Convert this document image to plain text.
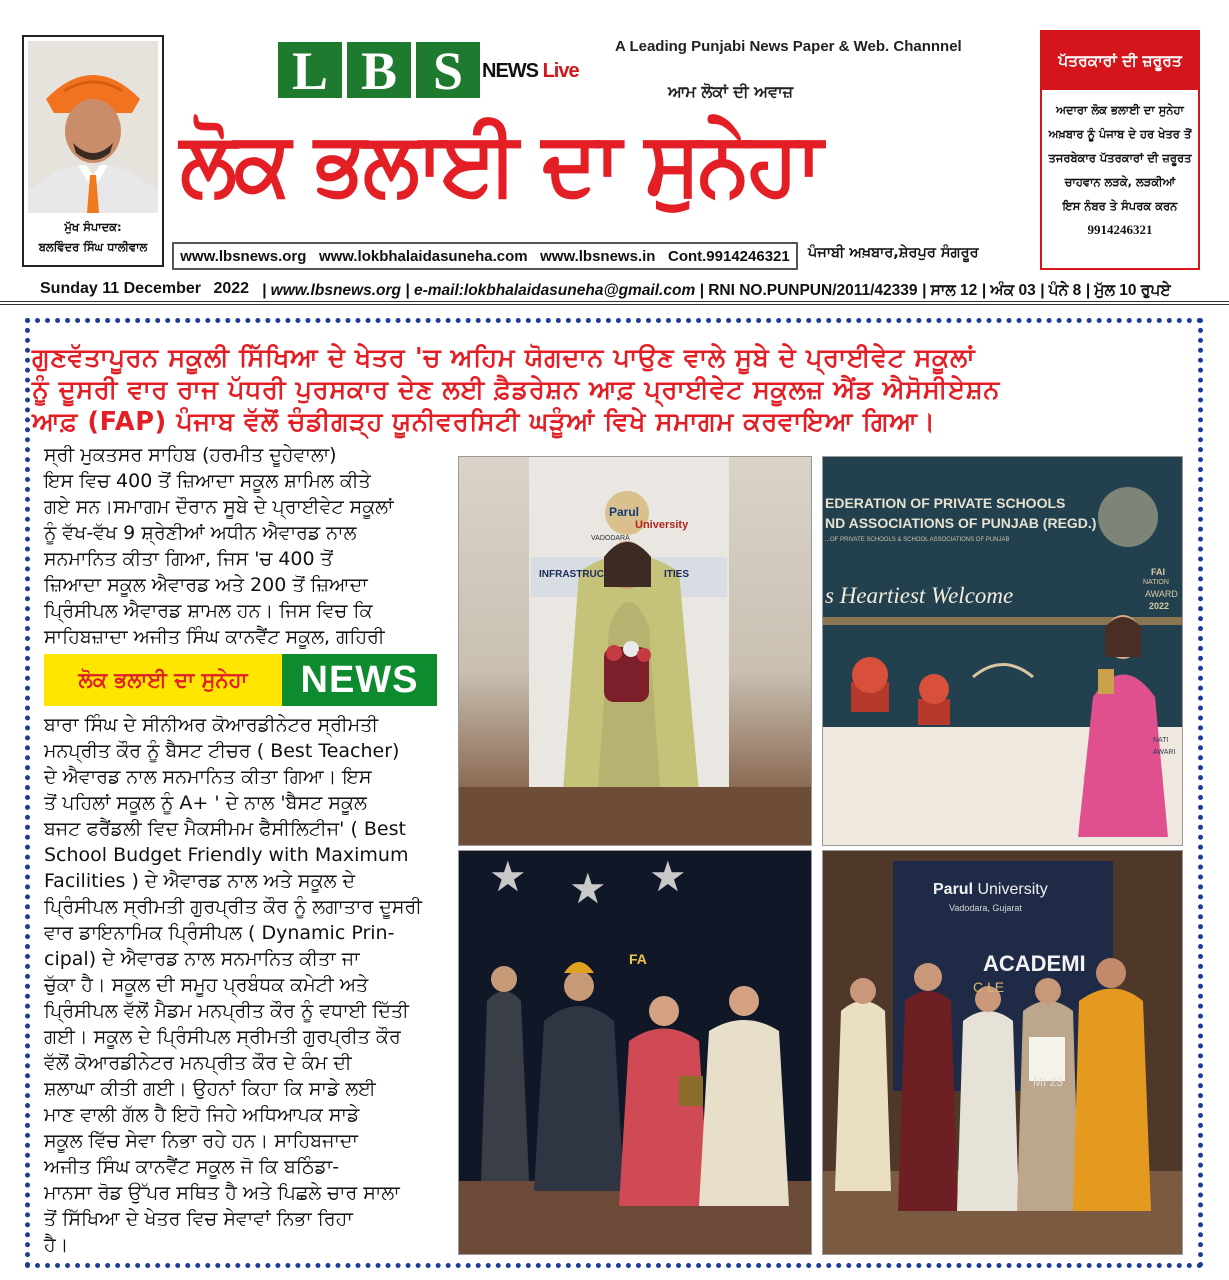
ਮੁੱਖ ਸੰਪਾਦਕ:
ਬਲਵਿੰਦਰ ਸਿੰਘ ਧਾਲੀਵਾਲ
L B S NEWS Live
A Leading Punjabi News Paper & Web. Channnel
ਆਮ ਲੋਕਾਂ ਦੀ ਅਵਾਜ਼
ਲੋਕ ਭਲਾਈ ਦਾ ਸੁਨੇਹਾ
www.lbsnews.org www.lokbhalaidasuneha.com www.lbsnews.in Cont.9914246321 ਪੰਜਾਬੀ ਅਖ਼ਬਾਰ,ਸ਼ੇਰਪੁਰ ਸੰਗਰੂਰ
ਪੱਤਰਕਾਰਾਂ ਦੀ ਜ਼ਰੂਰਤ
ਅਦਾਰਾ ਲੋਕ ਭਲਾਈ ਦਾ ਸੁਨੇਹਾ
ਅਖ਼ਬਾਰ ਨੂੰ ਪੰਜਾਬ ਦੇ ਹਰ ਖੇਤਰ ਤੋਂ
ਤਜਰਬੇਕਾਰ ਪੱਤਰਕਾਰਾਂ ਦੀ ਜ਼ਰੂਰਤ
ਚਾਹਵਾਨ ਲੜਕੇ, ਲੜਕੀਆਂ
ਇਸ ਨੰਬਰ ਤੇ ਸੰਪਰਕ ਕਰਨ
9914246321
Sunday 11 December 2022 | www.lbsnews.org | e-mail:lokbhalaidasuneha@gmail.com | RNI NO.PUNPUN/2011/42339 | ਸਾਲ 12 | ਅੰਕ 03 | ਪੰਨੇ 8 | ਮੁੱਲ 10 ਰੁਪਏ
ਗੁਣਵੱਤਾਪੂਰਨ ਸਕੂਲੀ ਸਿੱਖਿਆ ਦੇ ਖੇਤਰ 'ਚ ਅਹਿਮ ਯੋਗਦਾਨ ਪਾਉਣ ਵਾਲੇ ਸੂਬੇ ਦੇ ਪ੍ਰਾਈਵੇਟ ਸਕੂਲਾਂ
ਨੂੰ ਦੂਸਰੀ ਵਾਰ ਰਾਜ ਪੱਧਰੀ ਪੁਰਸਕਾਰ ਦੇਣ ਲਈ ਫ਼ੈਡਰੇਸ਼ਨ ਆਫ਼ ਪ੍ਰਾਈਵੇਟ ਸਕੂਲਜ਼ ਐਂਡ ਐਸੋਸੀਏਸ਼ਨ
ਆਫ਼ (FAP) ਪੰਜਾਬ ਵੱਲੋਂ ਚੰਡੀਗੜ੍ਹ ਯੂਨੀਵਰਸਿਟੀ ਘੜੂੰਆਂ ਵਿਖੇ ਸਮਾਗਮ ਕਰਵਾਇਆ ਗਿਆ।

ਸ੍ਰੀ ਮੁਕਤਸਰ ਸਾਹਿਬ (ਹਰਮੀਤ ਦੂਹੇਵਾਲਾ)

ਇਸ ਵਿਚ 400 ਤੋਂ ਜ਼ਿਆਦਾ ਸਕੂਲ ਸ਼ਾਮਿਲ ਕੀਤੇ

ਗਏ ਸਨ।ਸਮਾਗਮ ਦੌਰਾਨ ਸੂਬੇ ਦੇ ਪ੍ਰਾਈਵੇਟ ਸਕੂਲਾਂ

ਨੂੰ ਵੱਖ-ਵੱਖ 9 ਸ਼੍ਰੇਣੀਆਂ ਅਧੀਨ ਐਵਾਰਡ ਨਾਲ

ਸਨਮਾਨਿਤ ਕੀਤਾ ਗਿਆ, ਜਿਸ 'ਚ 400 ਤੋਂ

ਜ਼ਿਆਦਾ ਸਕੂਲ ਐਵਾਰਡ ਅਤੇ 200 ਤੋਂ ਜ਼ਿਆਦਾ

ਪ੍ਰਿੰਸੀਪਲ ਐਵਾਰਡ ਸ਼ਾਮਲ ਹਨ। ਜਿਸ ਵਿਚ ਕਿ

ਸਾਹਿਬਜ਼ਾਦਾ ਅਜੀਤ ਸਿੰਘ ਕਾਨਵੈਂਟ ਸਕੂਲ, ਗਹਿਰੀ

ਲੋਕ ਭਲਾਈ ਦਾ ਸੁਨੇਹਾ	NEWS

ਬਾਰਾ ਸਿੰਘ ਦੇ ਸੀਨੀਅਰ ਕੋਆਰਡੀਨੇਟਰ ਸ੍ਰੀਮਤੀ

ਮਨਪ੍ਰੀਤ ਕੌਰ ਨੂੰ ਬੈਸਟ ਟੀਚਰ ( Best Teacher)

ਦੇ ਐਵਾਰਡ ਨਾਲ ਸਨਮਾਨਿਤ ਕੀਤਾ ਗਿਆ। ਇਸ

ਤੋਂ ਪਹਿਲਾਂ ਸਕੂਲ ਨੂੰ A+ ' ਦੇ ਨਾਲ 'ਬੈਸਟ ਸਕੂਲ

ਬਜਟ ਫਰੈਂਡਲੀ ਵਿਦ ਮੈਕਸੀਮਮ ਫੈਸੀਲਿਟੀਜ' ( Best

School Budget Friendly with Maximum

Facilities ) ਦੇ ਐਵਾਰਡ ਨਾਲ ਅਤੇ ਸਕੂਲ ਦੇ

ਪ੍ਰਿੰਸੀਪਲ ਸ੍ਰੀਮਤੀ ਗੁਰਪ੍ਰੀਤ ਕੌਰ ਨੂੰ ਲਗਾਤਾਰ ਦੂਸਰੀ

ਵਾਰ ਡਾਇਨਾਮਿਕ ਪ੍ਰਿੰਸੀਪਲ ( Dynamic Prin-

cipal) ਦੇ ਐਵਾਰਡ ਨਾਲ ਸਨਮਾਨਿਤ ਕੀਤਾ ਜਾ

ਚੁੱਕਾ ਹੈ। ਸਕੂਲ ਦੀ ਸਮੂਹ ਪ੍ਰਬੰਧਕ ਕਮੇਟੀ ਅਤੇ

ਪ੍ਰਿੰਸੀਪਲ ਵੱਲੋਂ ਮੈਡਮ ਮਨਪ੍ਰੀਤ ਕੌਰ ਨੂੰ ਵਧਾਈ ਦਿੱਤੀ

ਗਈ। ਸਕੂਲ ਦੇ ਪ੍ਰਿੰਸੀਪਲ ਸ੍ਰੀਮਤੀ ਗੁਰਪ੍ਰੀਤ ਕੌਰ

ਵੱਲੋਂ ਕੋਆਰਡੀਨੇਟਰ ਮਨਪ੍ਰੀਤ ਕੌਰ ਦੇ ਕੰਮ ਦੀ

ਸ਼ਲਾਘਾ ਕੀਤੀ ਗਈ। ਉਹਨਾਂ ਕਿਹਾ ਕਿ ਸਾਡੇ ਲਈ

ਮਾਣ ਵਾਲੀ ਗੱਲ ਹੈ ਇਹੋ ਜਿਹੇ ਅਧਿਆਪਕ ਸਾਡੇ

ਸਕੂਲ ਵਿੱਚ ਸੇਵਾ ਨਿਭਾ ਰਹੇ ਹਨ। ਸਾਹਿਬਜਾਦਾ

ਅਜੀਤ ਸਿੰਘ ਕਾਨਵੈਂਟ ਸਕੂਲ ਜੋ ਕਿ ਬਠਿੰਡਾ-

ਮਾਨਸਾ ਰੋਡ ਉੱਪਰ ਸਥਿਤ ਹੈ ਅਤੇ ਪਿਛਲੇ ਚਾਰ ਸਾਲਾ

ਤੋਂ ਸਿੱਖਿਆ ਦੇ ਖੇਤਰ ਵਿਚ ਸੇਵਾਵਾਂ ਨਿਭਾ ਰਿਹਾ

ਹੈ।

Parul
University
VADODARA
INFRASTRUC	ITIES
EDERATION OF PRIVATE SCHOOLS
ND ASSOCIATIONS OF PUNJAB (REGD.)
...OF PRIVATE SCHOOLS & SCHOOL ASSOCIATIONS OF PUNJAB
s Heartiest Welcome
FAI
NATION
AWARD
2022
NATI
AWARI
★ ★ ★
FA
Parul University
Vadodara, Gujarat
ACADEMI
C LE
MI 23
